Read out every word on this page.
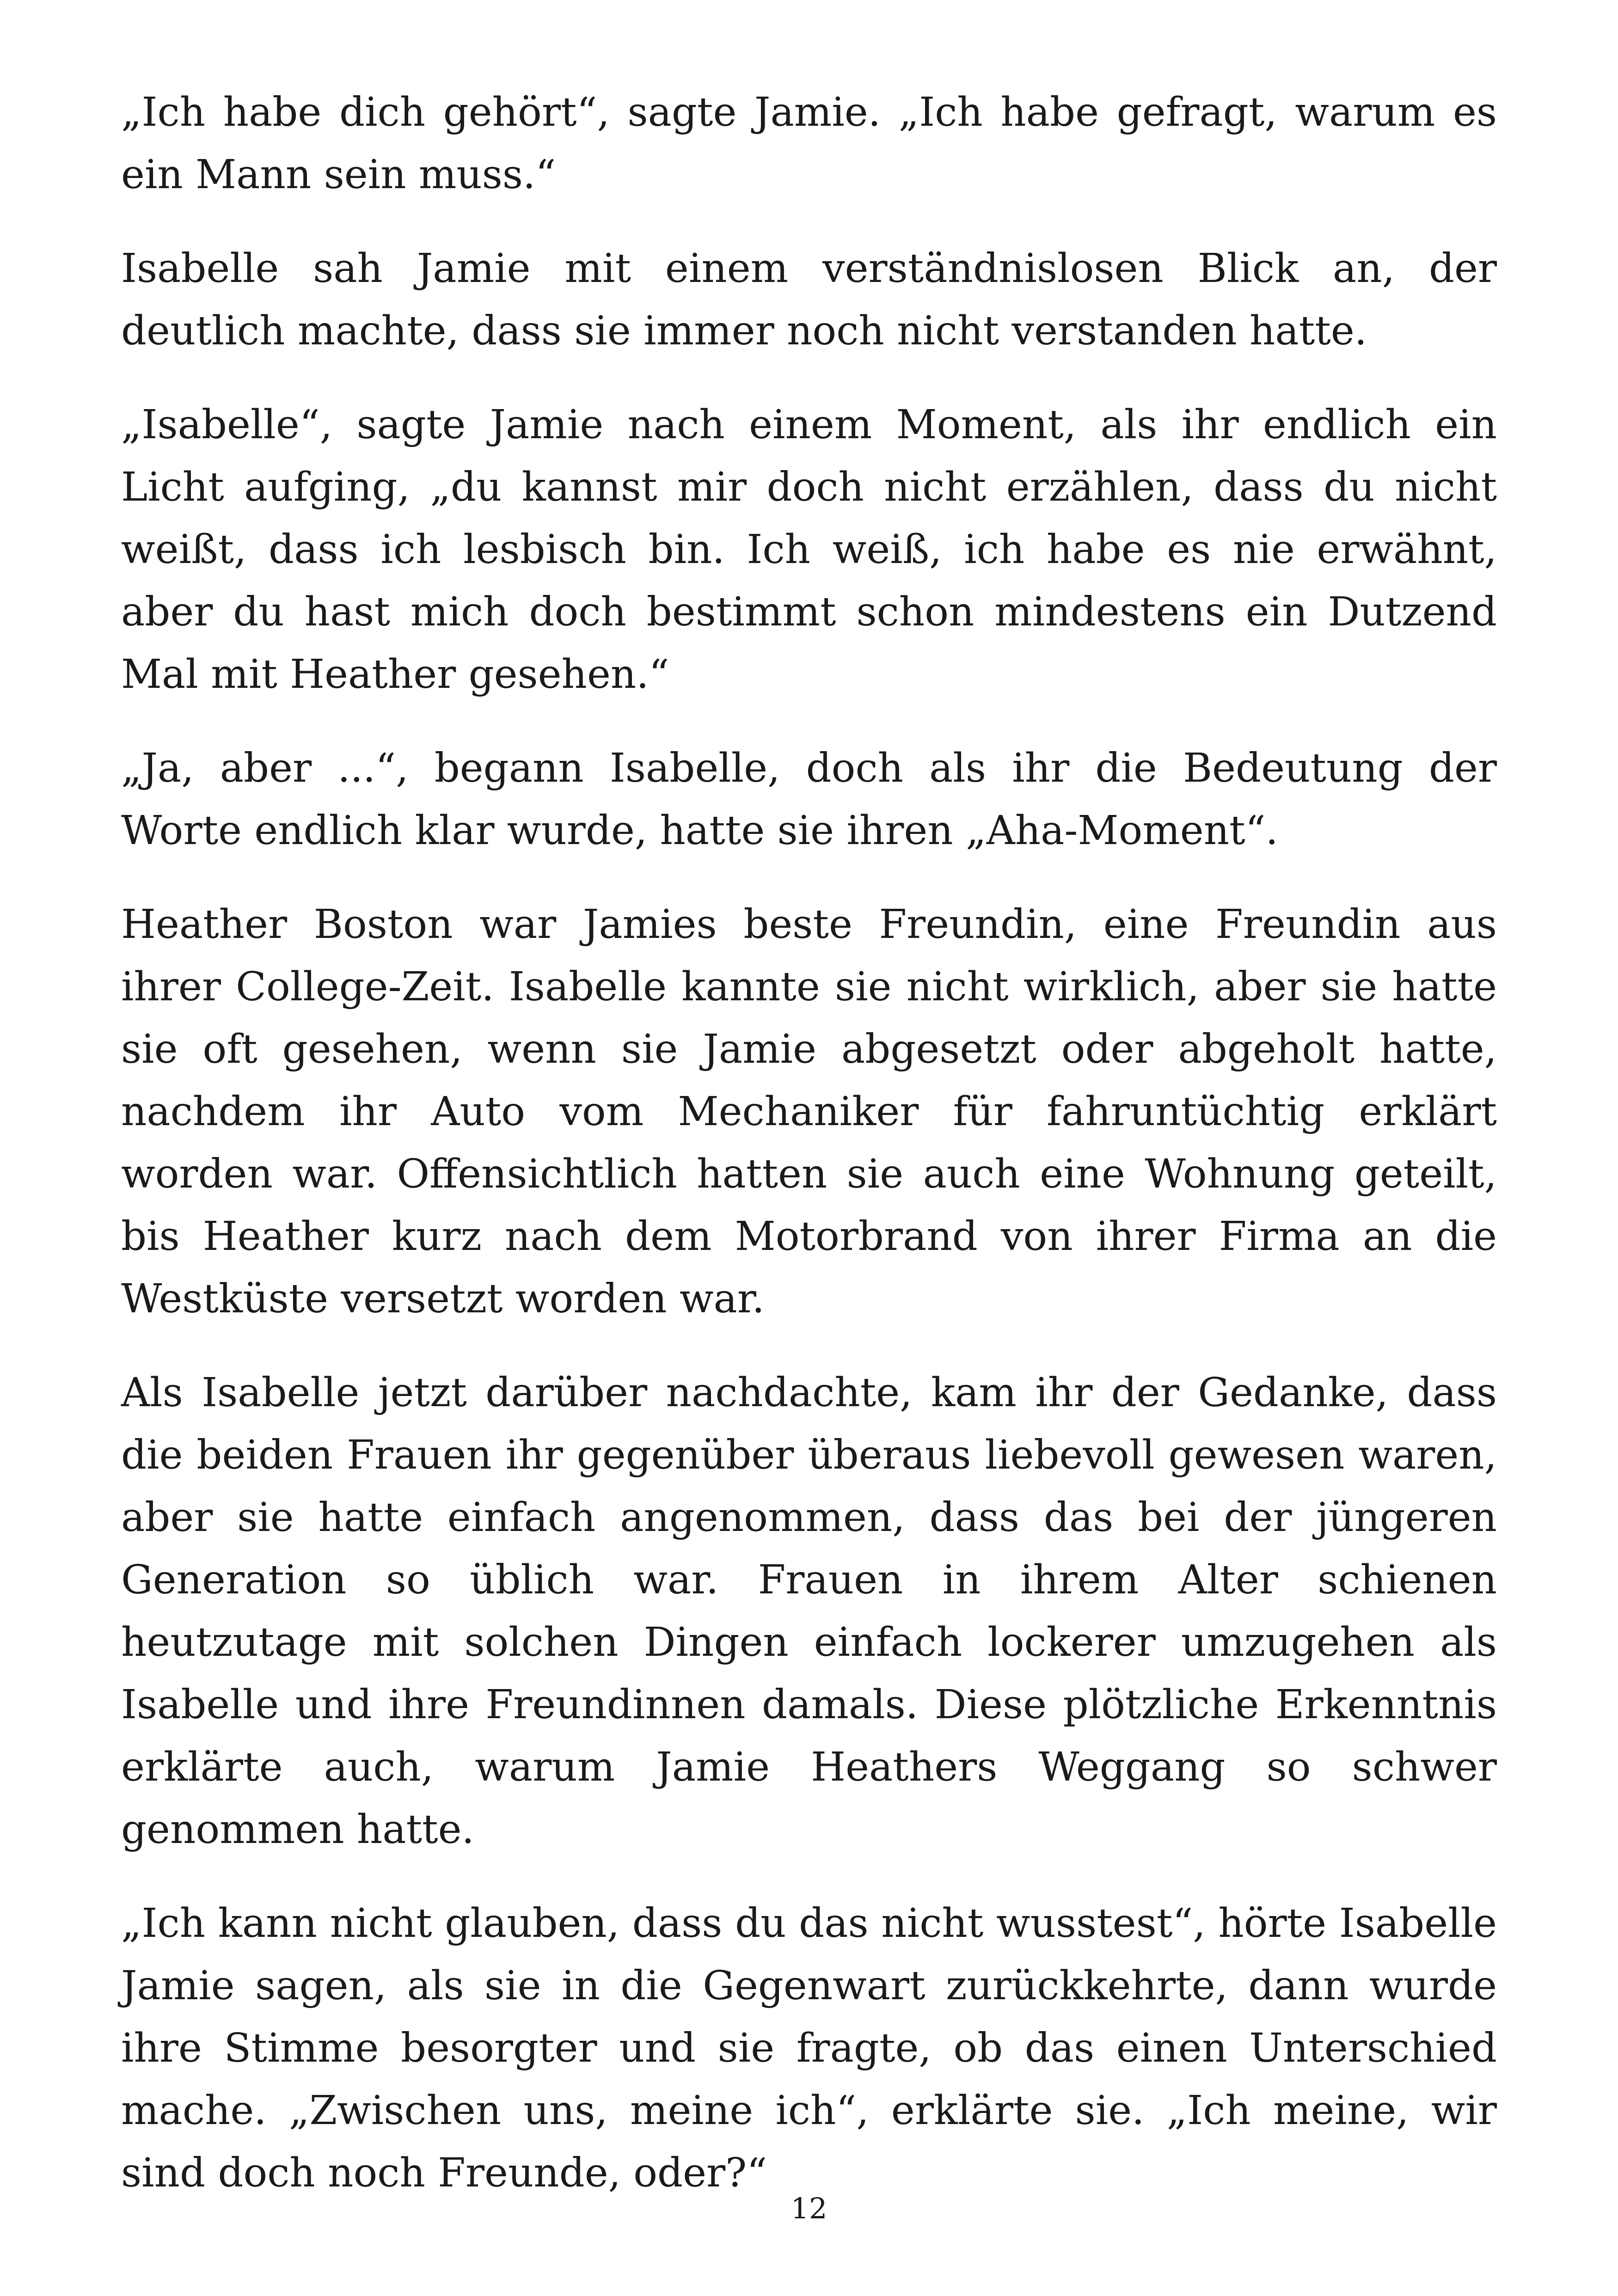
„Ich habe dich gehört“, sagte Jamie. „Ich habe gefragt, warum es ein Mann sein muss.“

Isabelle sah Jamie mit einem verständnislosen Blick an, der deutlich machte, dass sie immer noch nicht verstanden hatte.

„Isabelle“, sagte Jamie nach einem Moment, als ihr endlich ein Licht aufging, „du kannst mir doch nicht erzählen, dass du nicht weißt, dass ich lesbisch bin. Ich weiß, ich habe es nie erwähnt, aber du hast mich doch bestimmt schon mindestens ein Dutzend Mal mit Heather gesehen.“

„Ja, aber ...“, begann Isabelle, doch als ihr die Bedeutung der Worte endlich klar wurde, hatte sie ihren „Aha-Moment“.

Heather Boston war Jamies beste Freundin, eine Freundin aus ihrer College-Zeit. Isabelle kannte sie nicht wirklich, aber sie hatte sie oft gesehen, wenn sie Jamie abgesetzt oder abgeholt hatte, nachdem ihr Auto vom Mechaniker für fahruntüchtig erklärt worden war. Offensichtlich hatten sie auch eine Wohnung geteilt, bis Heather kurz nach dem Motorbrand von ihrer Firma an die Westküste versetzt worden war.

Als Isabelle jetzt darüber nachdachte, kam ihr der Gedanke, dass die beiden Frauen ihr gegenüber überaus liebevoll gewesen waren, aber sie hatte einfach angenommen, dass das bei der jüngeren Generation so üblich war. Frauen in ihrem Alter schienen heutzutage mit solchen Dingen einfach lockerer umzugehen als Isabelle und ihre Freundinnen damals. Diese plötzliche Erkenntnis erklärte auch, warum Jamie Heathers Weggang so schwer genommen hatte.

„Ich kann nicht glauben, dass du das nicht wusstest“, hörte Isabelle Jamie sagen, als sie in die Gegenwart zurückkehrte, dann wurde ihre Stimme besorgter und sie fragte, ob das einen Unterschied mache. „Zwischen uns, meine ich“, erklärte sie. „Ich meine, wir sind doch noch Freunde, oder?“

12
